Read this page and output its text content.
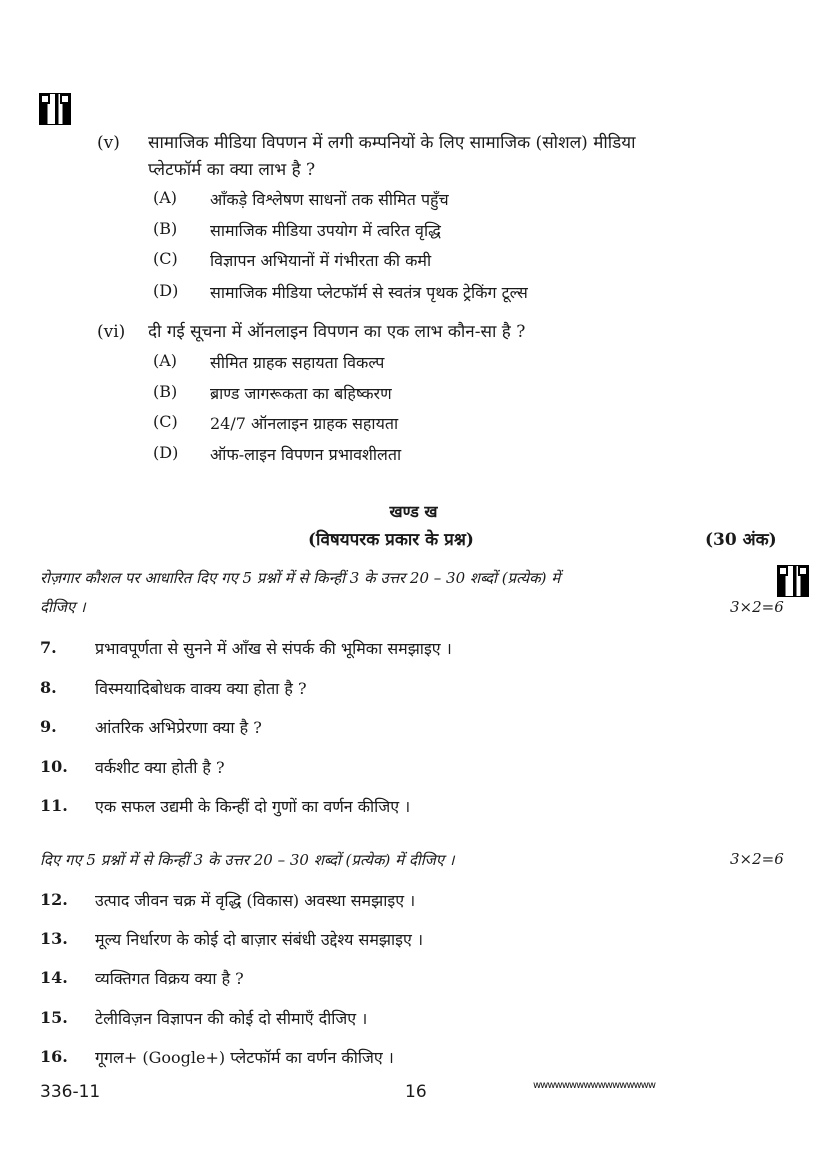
(v) सामाजिक मीडिया विपणन में लगी कम्पनियों के लिए सामाजिक (सोशल) मीडिया
प्लेटफॉर्म का क्या लाभ है ?
(A) आँकड़े विश्लेषण साधनों तक सीमित पहुँच
(B) सामाजिक मीडिया उपयोग में त्वरित वृद्धि
(C) विज्ञापन अभियानों में गंभीरता की कमी
(D) सामाजिक मीडिया प्लेटफॉर्म से स्वतंत्र पृथक ट्रेकिंग टूल्स
(vi) दी गई सूचना में ऑनलाइन विपणन का एक लाभ कौन-सा है ?
(A) सीमित ग्राहक सहायता विकल्प
(B) ब्राण्ड जागरूकता का बहिष्करण
(C) 24/7 ऑनलाइन ग्राहक सहायता
(D) ऑफ-लाइन विपणन प्रभावशीलता
खण्ड ख
(विषयपरक प्रकार के प्रश्न)	(30 अंक)
रोज़गार कौशल पर आधारित दिए गए 5 प्रश्नों में से किन्हीं 3 के उत्तर 20 – 30 शब्दों (प्रत्येक) में
दीजिए ।	3×2=6
7. प्रभावपूर्णता से सुनने में आँख से संपर्क की भूमिका समझाइए ।
8. विस्मयादिबोधक वाक्य क्या होता है ?
9. आंतरिक अभिप्रेरणा क्या है ?
10. वर्कशीट क्या होती है ?
11. एक सफल उद्यमी के किन्हीं दो गुणों का वर्णन कीजिए ।
दिए गए 5 प्रश्नों में से किन्हीं 3 के उत्तर 20 – 30 शब्दों (प्रत्येक) में दीजिए ।	3×2=6
12. उत्पाद जीवन चक्र में वृद्धि (विकास) अवस्था समझाइए ।
13. मूल्य निर्धारण के कोई दो बाज़ार संबंधी उद्देश्य समझाइए ।
14. व्यक्तिगत विक्रय क्या है ?
15. टेलीविज़न विज्ञापन की कोई दो सीमाएँ दीजिए ।
16. गूगल+ (Google+) प्लेटफॉर्म का वर्णन कीजिए ।
336-11	16	wwwwwwwwwwwwwwwww
